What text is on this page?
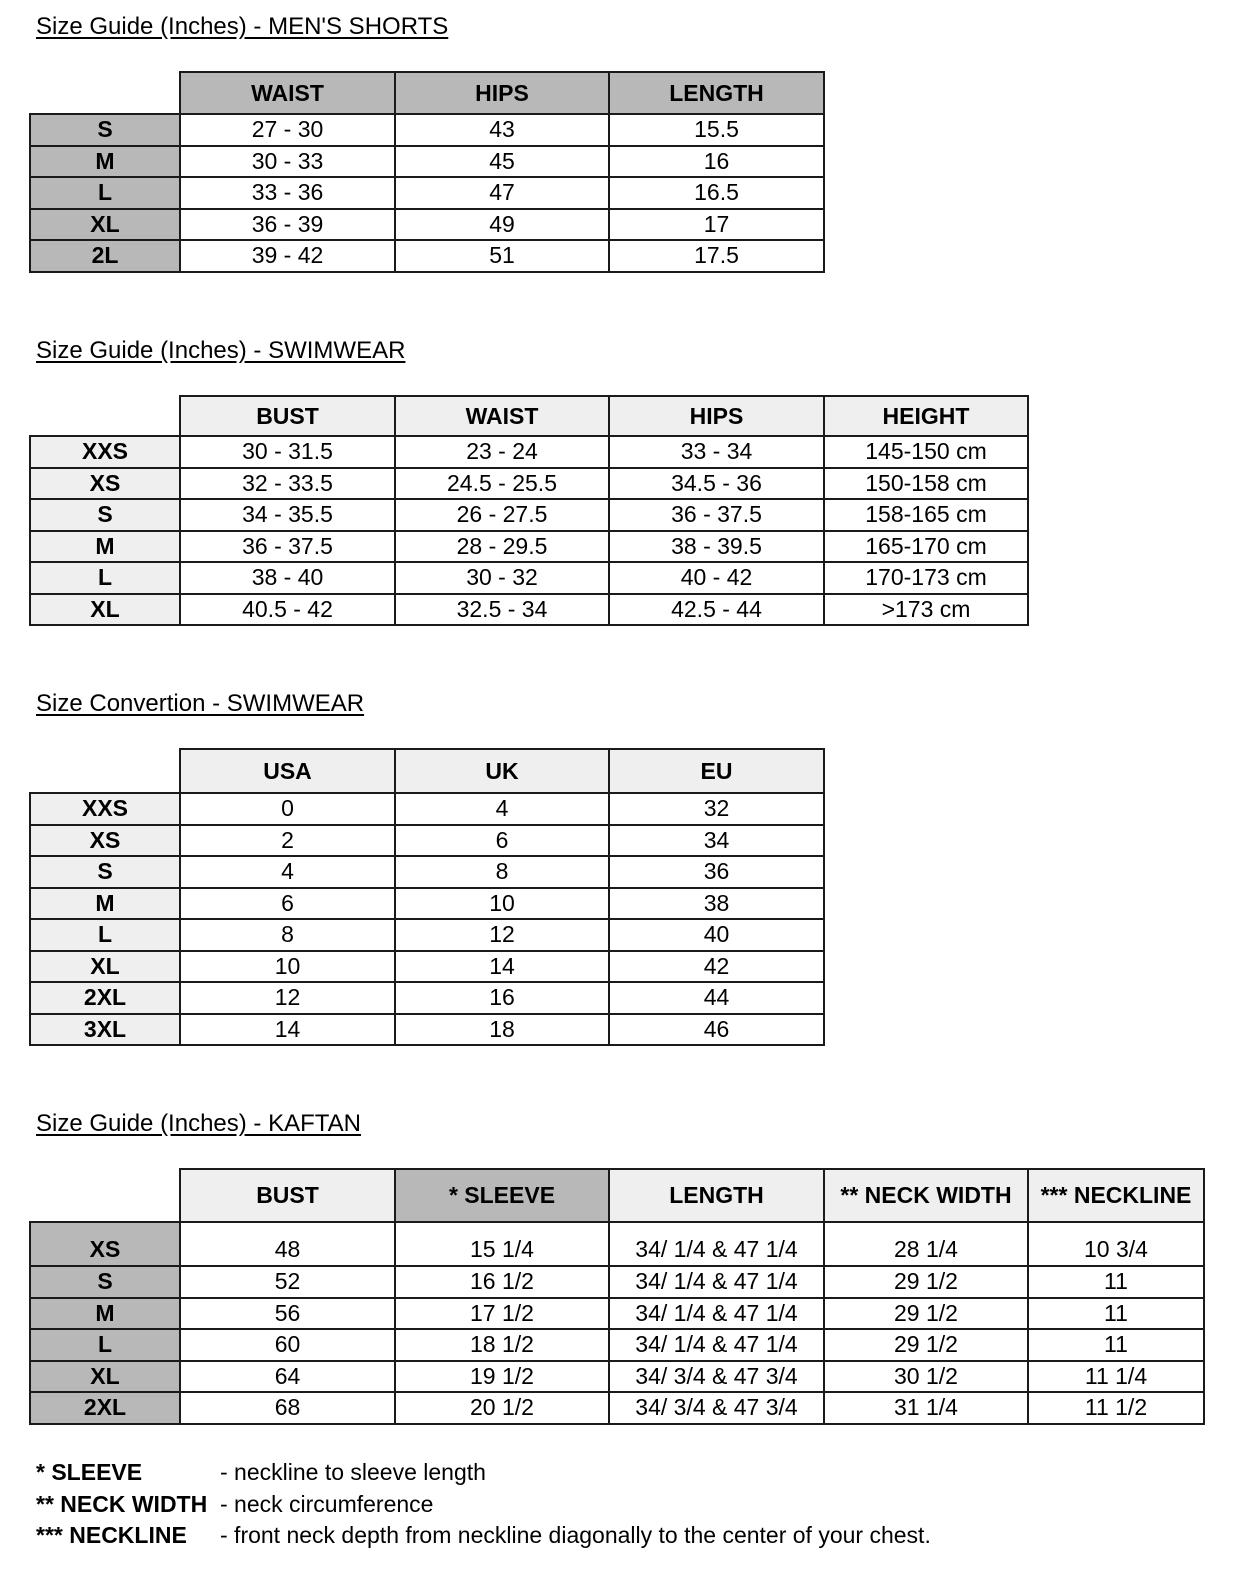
Size Guide (Inches) - MEN'S SHORTS
	WAIST	HIPS	LENGTH
S	27 - 30	43	15.5
M	30 - 33	45	16
L	33 - 36	47	16.5
XL	36 - 39	49	17
2L	39 - 42	51	17.5
Size Guide (Inches) - SWIMWEAR
	BUST	WAIST	HIPS	HEIGHT
XXS	30 - 31.5	23 - 24	33 - 34	145-150 cm
XS	32 - 33.5	24.5 - 25.5	34.5 - 36	150-158 cm
S	34 - 35.5	26 - 27.5	36 - 37.5	158-165 cm
M	36 - 37.5	28 - 29.5	38 - 39.5	165-170 cm
L	38 - 40	30 - 32	40 - 42	170-173 cm
XL	40.5 - 42	32.5 - 34	42.5 - 44	>173 cm
Size Convertion - SWIMWEAR
	USA	UK	EU
XXS	0	4	32
XS	2	6	34
S	4	8	36
M	6	10	38
L	8	12	40
XL	10	14	42
2XL	12	16	44
3XL	14	18	46
Size Guide (Inches) - KAFTAN
	BUST	* SLEEVE	LENGTH	** NECK WIDTH	*** NECKLINE
XS	48	15 1/4	34/ 1/4 & 47 1/4	28 1/4	10 3/4
S	52	16 1/2	34/ 1/4 & 47 1/4	29 1/2	11
M	56	17 1/2	34/ 1/4 & 47 1/4	29 1/2	11
L	60	18 1/2	34/ 1/4 & 47 1/4	29 1/2	11
XL	64	19 1/2	34/ 3/4 & 47 3/4	30 1/2	11 1/4
2XL	68	20 1/2	34/ 3/4 & 47 3/4	31 1/4	11 1/2
* SLEEVE	- neckline to sleeve length
** NECK WIDTH - neck circumference
*** NECKLINE	- front neck depth from neckline diagonally to the center of your chest.
